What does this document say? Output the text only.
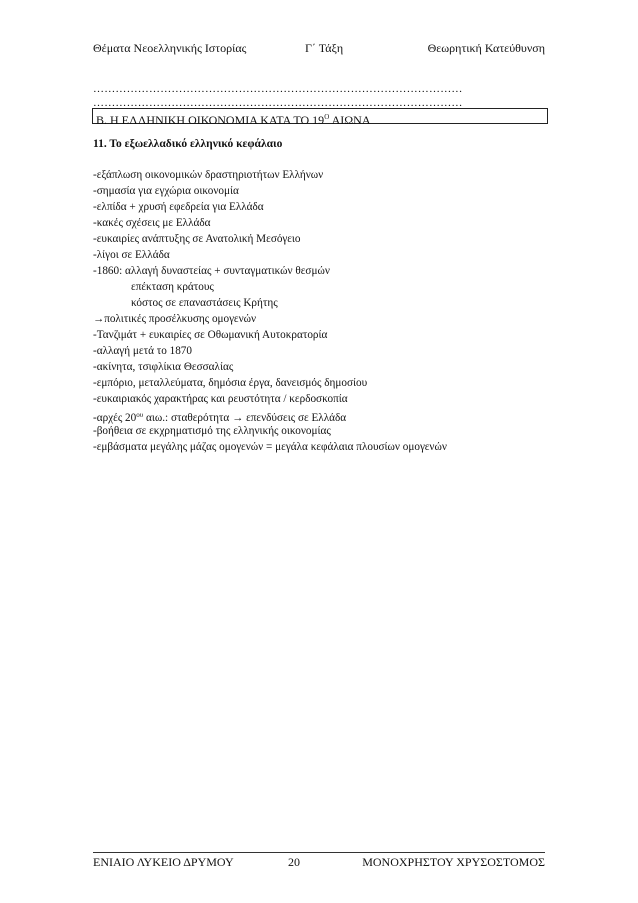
Θέματα Νεοελληνικής Ιστορίας	Γ΄ Τάξη	Θεωρητική Κατεύθυνση
………………………………………………………………………………………
………………………………………………………………………………………
Β. Η ΕΛΛΗΝΙΚΗ ΟΙΚΟΝΟΜΙΑ ΚΑΤΑ ΤΟ $19^O$ ΑΙΩΝΑ
11. Το εξωελλαδικό ελληνικό κεφάλαιο
-εξάπλωση οικονομικών δραστηριοτήτων Ελλήνων
-σημασία για εγχώρια οικονομία
-ελπίδα + χρυσή εφεδρεία για Ελλάδα
-κακές σχέσεις με Ελλάδα
-ευκαιρίες ανάπτυξης σε Ανατολική Μεσόγειο
-λίγοι σε Ελλάδα
-1860: αλλαγή δυναστείας + συνταγματικών θεσμών
επέκταση κράτους
κόστος σε επαναστάσεις Κρήτης
→πολιτικές προσέλκυσης ομογενών
-Τανζιμάτ + ευκαιρίες σε Οθωμανική Αυτοκρατορία
-αλλαγή μετά το 1870
-ακίνητα, τσιφλίκια Θεσσαλίας
-εμπόριο, μεταλλεύματα, δημόσια έργα, δανεισμός δημοσίου
-ευκαιριακός χαρακτήρας και ρευστότητα / κερδοσκοπία
-αρχές $20^{o\upsilon}$ αιω.: σταθερότητα → επενδύσεις σε Ελλάδα
-βοήθεια σε εκχρηματισμό της ελληνικής οικονομίας
-εμβάσματα μεγάλης μάζας ομογενών = μεγάλα κεφάλαια πλουσίων ομογενών
ΕΝΙΑΙΟ ΛΥΚΕΙΟ ΔΡΥΜΟΥ	20	ΜΟΝΟΧΡΗΣΤΟΥ ΧΡΥΣΟΣΤΟΜΟΣ
